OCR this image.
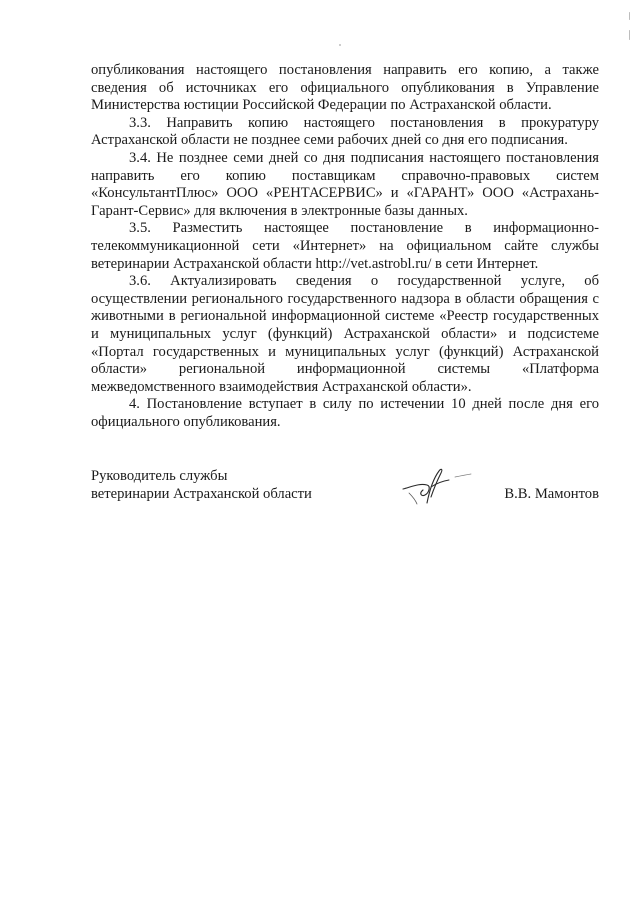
опубликования настоящего постановления направить его копию, а также сведения об источниках его официального опубликования в Управление Министерства юстиции Российской Федерации по Астраханской области.

3.3. Направить копию настоящего постановления в прокуратуру Астраханской области не позднее семи рабочих дней со дня его подписания.

3.4. Не позднее семи дней со дня подписания настоящего постановления направить его копию поставщикам справочно-правовых систем «КонсультантПлюс» ООО «РЕНТАСЕРВИС» и «ГАРАНТ» ООО «Астрахань-Гарант-Сервис» для включения в электронные базы данных.

3.5. Разместить настоящее постановление в информационно-телекоммуникационной сети «Интернет» на официальном сайте службы ветеринарии Астраханской области http://vet.astrobl.ru/ в сети Интернет.

3.6. Актуализировать сведения о государственной услуге, об осуществлении регионального государственного надзора в области обращения с животными в региональной информационной системе «Реестр государственных и муниципальных услуг (функций) Астраханской области» и подсистеме «Портал государственных и муниципальных услуг (функций) Астраханской области» региональной информационной системы «Платформа межведомственного взаимодействия Астраханской области».

4. Постановление вступает в силу по истечении 10 дней после дня его официального опубликования.

Руководитель службы
ветеринарии Астраханской области	В.В. Мамонтов
